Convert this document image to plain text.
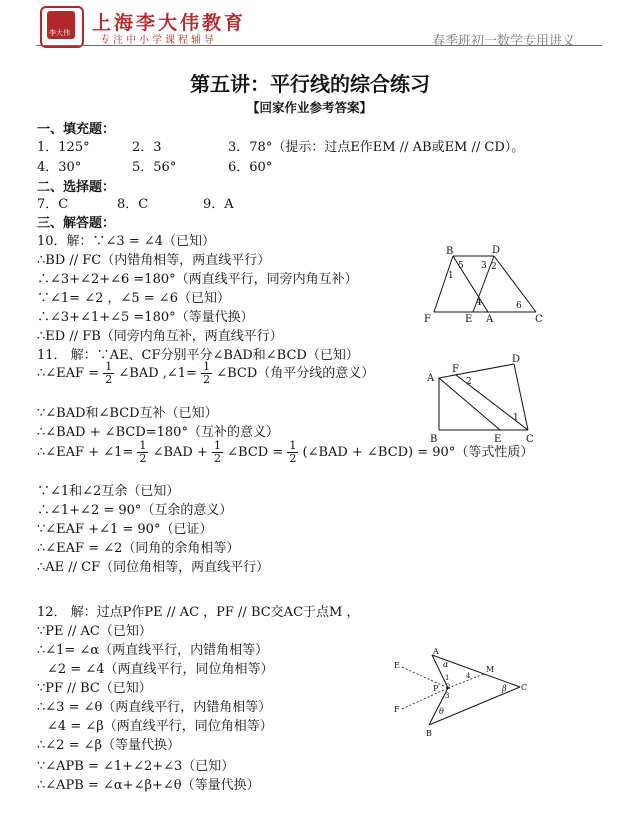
李大伟 上海李大伟教育
专注中小学课程辅导	春季班初一数学专用讲义
第五讲：平行线的综合练习
【回家作业参考答案】
一、填充题：
1．125°	2．3	3．78°（提示：过点E作EM // AB或EM // CD）。
4．30°	5．56°	6．60°
二、选择题：
7．C	8．C	9．A
三、解答题：
10．解：∵∠3 = ∠4（已知）
∴BD // FC（内错角相等，两直线平行）
∴∠3+∠2+∠6 =180°（两直线平行，同旁内角互补）
∵∠1= ∠2 ，∠5 = ∠6（已知）
∴∠3+∠1+∠5 =180°（等量代换）
∴ED // FB（同旁内角互补，两直线平行）
11． 解：∵AE、CF分别平分∠BAD和∠BCD（已知）
∴∠EAF = $\frac{1}{2}$ ∠BAD ,∠1= $\frac{1}{2}$ ∠BCD（角平分线的意义）
∵∠BAD和∠BCD互补（已知）
∴∠BAD + ∠BCD=180°（互补的意义）
∴∠EAF + ∠1= $\frac{1}{2}$ ∠BAD + $\frac{1}{2}$ ∠BCD = $\frac{1}{2}$ (∠BAD + ∠BCD) = 90°（等式性质）
∵∠1和∠2互余（已知）
∴∠1+∠2 = 90°（互余的意义）
∵∠EAF +∠1 = 90°（已证）
∴∠EAF = ∠2（同角的余角相等）
∴AE // CF（同位角相等，两直线平行）
12． 解：过点P作PE // AC ，PF // BC交AC于点M ，
∵PE // AC（已知）
∴∠1= ∠α（两直线平行，内错角相等）
∠2 = ∠4（两直线平行，同位角相等）
∵PF // BC（已知）
∴∠3 = ∠θ（两直线平行，内错角相等）
∠4 = ∠β（两直线平行，同位角相等）
∴∠2 = ∠β（等量代换）
∵∠APB = ∠1+∠2+∠3（已知）
∴∠APB = ∠α+∠β+∠θ（等量代换）
B	D
F	E A	C
1
5 3 2
4	6
A
F
D
B	E C
2
1
A
B
C
E
F
M
P
α
β
θ
1
2
3
4
